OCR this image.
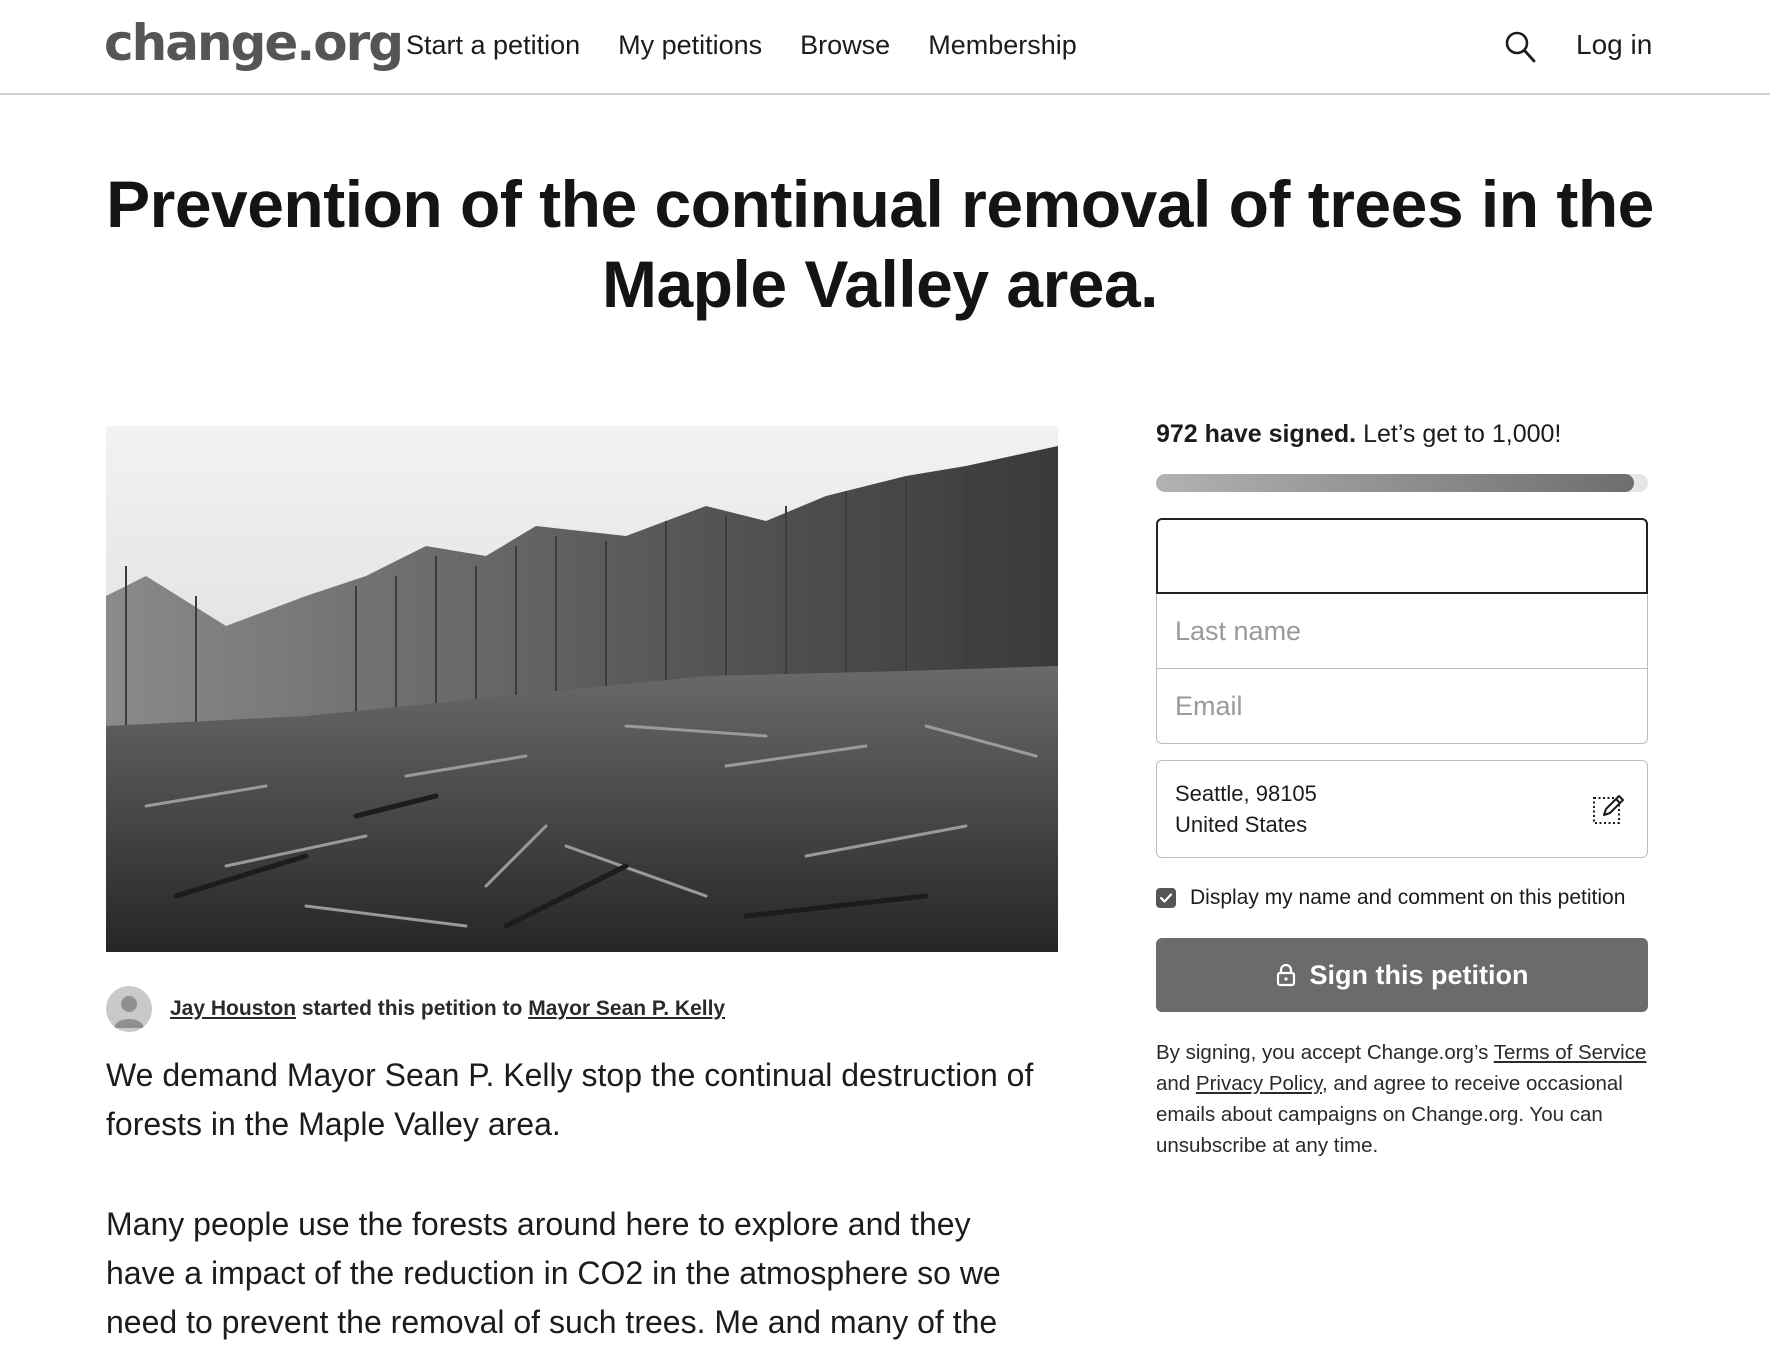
change.org Start a petition My petitions Browse Membership	Log in
Prevention of the continual removal of trees in the Maple Valley area.
Jay Houston started this petition to Mayor Sean P. Kelly

We demand Mayor Sean P. Kelly stop the continual destruction of forests in the Maple Valley area.

Many people use the forests around here to explore and they have a impact of the reduction in CO2 in the atmosphere so we need to prevent the removal of such trees. Me and many of the

972 have signed. Let’s get to 1,000!
Last name
Email
Seattle, 98105
United States
Display my name and comment on this petition
Sign this petition

By signing, you accept Change.org’s Terms of Service and Privacy Policy, and agree to receive occasional emails about campaigns on Change.org. You can unsubscribe at any time.
